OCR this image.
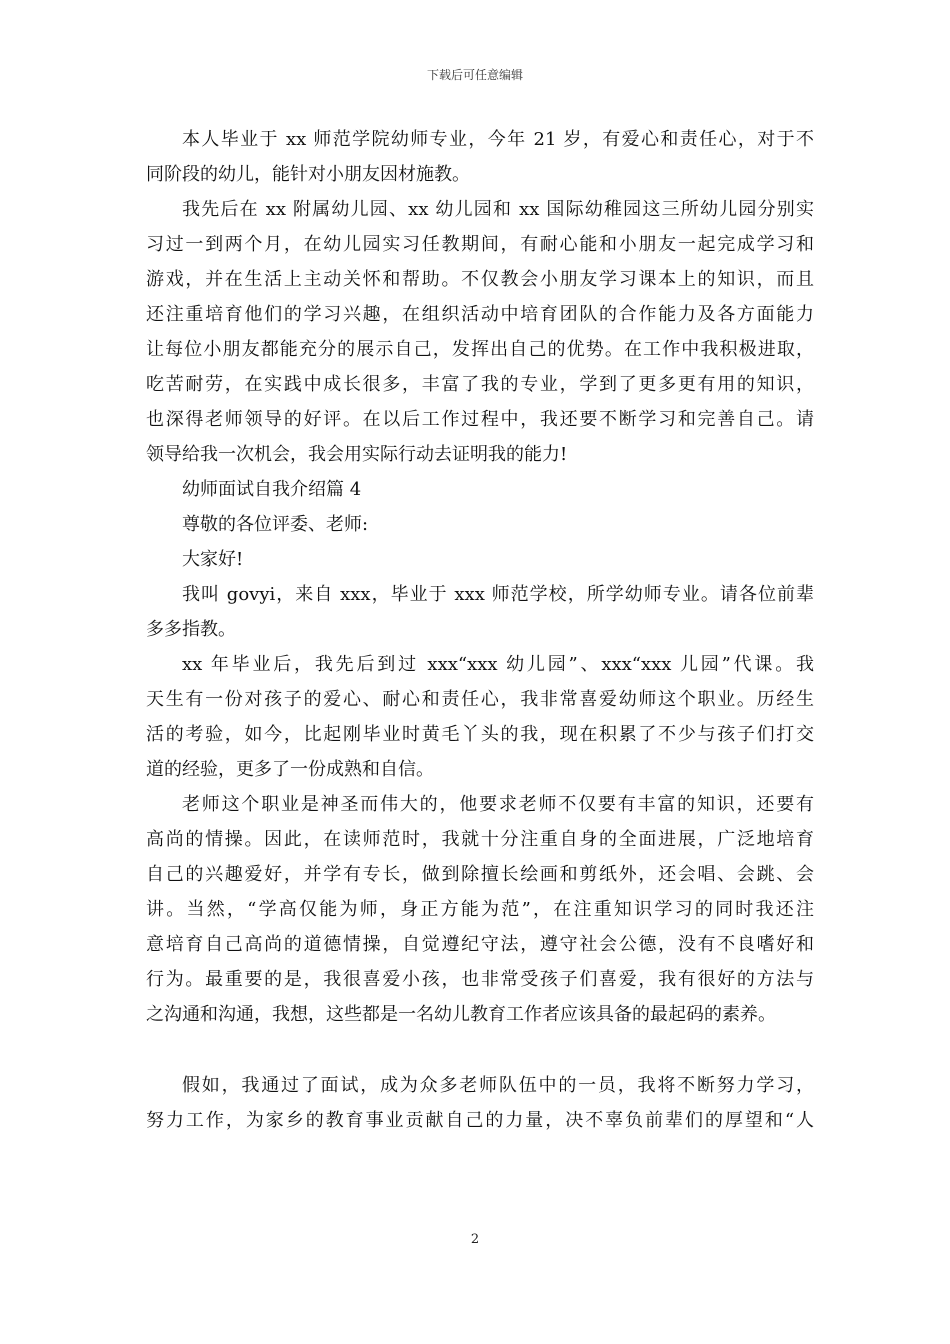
下载后可任意编辑
本人毕业于 xx 师范学院幼师专业，今年 21 岁，有爱心和责任心，对于不
同阶段的幼儿，能针对小朋友因材施教。
我先后在 xx 附属幼儿园、xx 幼儿园和 xx 国际幼稚园这三所幼儿园分别实
习过一到两个月，在幼儿园实习任教期间，有耐心能和小朋友一起完成学习和
游戏，并在生活上主动关怀和帮助。不仅教会小朋友学习课本上的知识，而且
还注重培育他们的学习兴趣，在组织活动中培育团队的合作能力及各方面能力
让每位小朋友都能充分的展示自己，发挥出自己的优势。在工作中我积极进取，
吃苦耐劳，在实践中成长很多，丰富了我的专业，学到了更多更有用的知识，
也深得老师领导的好评。在以后工作过程中，我还要不断学习和完善自己。请
领导给我一次机会，我会用实际行动去证明我的能力!
幼师面试自我介绍篇 4
尊敬的各位评委、老师:
大家好!
我叫 govyi，来自 xxx，毕业于 xxx 师范学校，所学幼师专业。请各位前辈
多多指教。
xx 年毕业后，我先后到过 xxx“xxx 幼儿园”、xxx“xxx 儿园”代课。我
天生有一份对孩子的爱心、耐心和责任心，我非常喜爱幼师这个职业。历经生
活的考验，如今，比起刚毕业时黄毛丫头的我，现在积累了不少与孩子们打交
道的经验，更多了一份成熟和自信。
老师这个职业是神圣而伟大的，他要求老师不仅要有丰富的知识，还要有
高尚的情操。因此，在读师范时，我就十分注重自身的全面进展，广泛地培育
自己的兴趣爱好，并学有专长，做到除擅长绘画和剪纸外，还会唱、会跳、会
讲。当然，“学高仅能为师，身正方能为范”，在注重知识学习的同时我还注
意培育自己高尚的道德情操，自觉遵纪守法，遵守社会公德，没有不良嗜好和
行为。最重要的是，我很喜爱小孩，也非常受孩子们喜爱，我有很好的方法与
之沟通和沟通，我想，这些都是一名幼儿教育工作者应该具备的最起码的素养。
假如，我通过了面试，成为众多老师队伍中的一员，我将不断努力学习，
努力工作，为家乡的教育事业贡献自己的力量，决不辜负前辈们的厚望和“人
2
